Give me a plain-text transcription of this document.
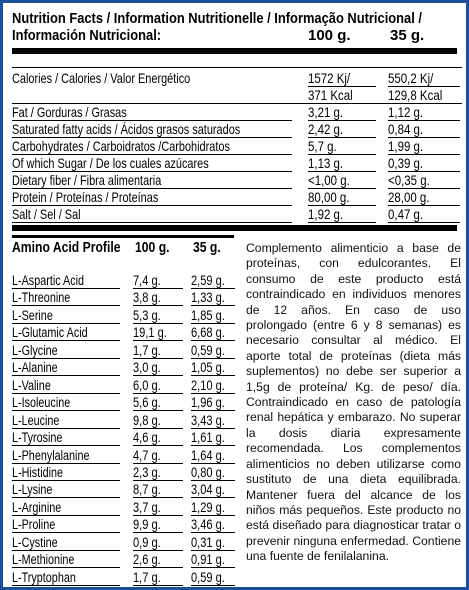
Nutrition Facts / Information Nutritionelle / Informação Nutricional /
Información Nutricional:	100 g.	35 g.
Calories / Calories / Valor Energético	1572 Kj/	550,2 Kj/
371 Kcal	129,8 Kcal
Fat / Gorduras / Grasas	3,21 g.	1,12 g.
Saturated fatty acids / Ácidos grasos saturados	2,42 g.	0,84 g.
Carbohydrates / Carboidratos /Carbohidratos	5,7 g.	1,99 g.
Of which Sugar / De los cuales azúcares	1,13 g.	0,39 g.
Dietary fiber / Fibra alimentaria	<1,00 g.	<0,35 g.
Protein / Proteínas / Proteínas	80,00 g.	28,00 g.
Salt / Sel / Sal	1,92 g.	0,47 g.
Amino Acid Profile 100 g.	35 g.
L-Aspartic Acid	7,4 g.	2,59 g.
L-Threonine	3,8 g.	1,33 g.
L-Serine	5,3 g.	1,85 g.
L-Glutamic Acid	19,1 g.	6,68 g.
L-Glycine	1,7 g.	0,59 g.
L-Alanine	3,0 g.	1,05 g.
L-Valine	6,0 g.	2,10 g.
L-Isoleucine	5,6 g.	1,96 g.
L-Leucine	9,8 g.	3,43 g.
L-Tyrosine	4,6 g.	1,61 g.
L-Phenylalanine	4,7 g.	1,64 g.
L-Histidine	2,3 g.	0,80 g.
L-Lysine	8,7 g.	3,04 g.
L-Arginine	3,7 g.	1,29 g.
L-Proline	9,9 g.	3,46 g.
L-Cystine	0,9 g.	0,31 g.
L-Methionine	2,6 g.	0,91 g.
L-Tryptophan	1,7 g.	0,59 g.
Complemento alimenticio a base de proteínas, con edulcorantes. El consumo de este producto está contraindicado en individuos menores de 12 años. En caso de uso prolongado (entre 6 y 8 semanas) es necesario consultar al médico. El aporte total de proteínas (dieta más suplementos) no debe ser superior a 1,5g de proteína/ Kg. de peso/ día. Contraindicado en caso de patología renal hepática y embarazo. No superar la dosis diaria expresamente recomendada. Los complementos alimenticios no deben utilizarse como sustituto de una dieta equilibrada. Mantener fuera del alcance de los niños más pequeños. Este producto no está diseñado para diagnosticar tratar o prevenir ninguna enfermedad. Contiene una fuente de fenilalanina.
